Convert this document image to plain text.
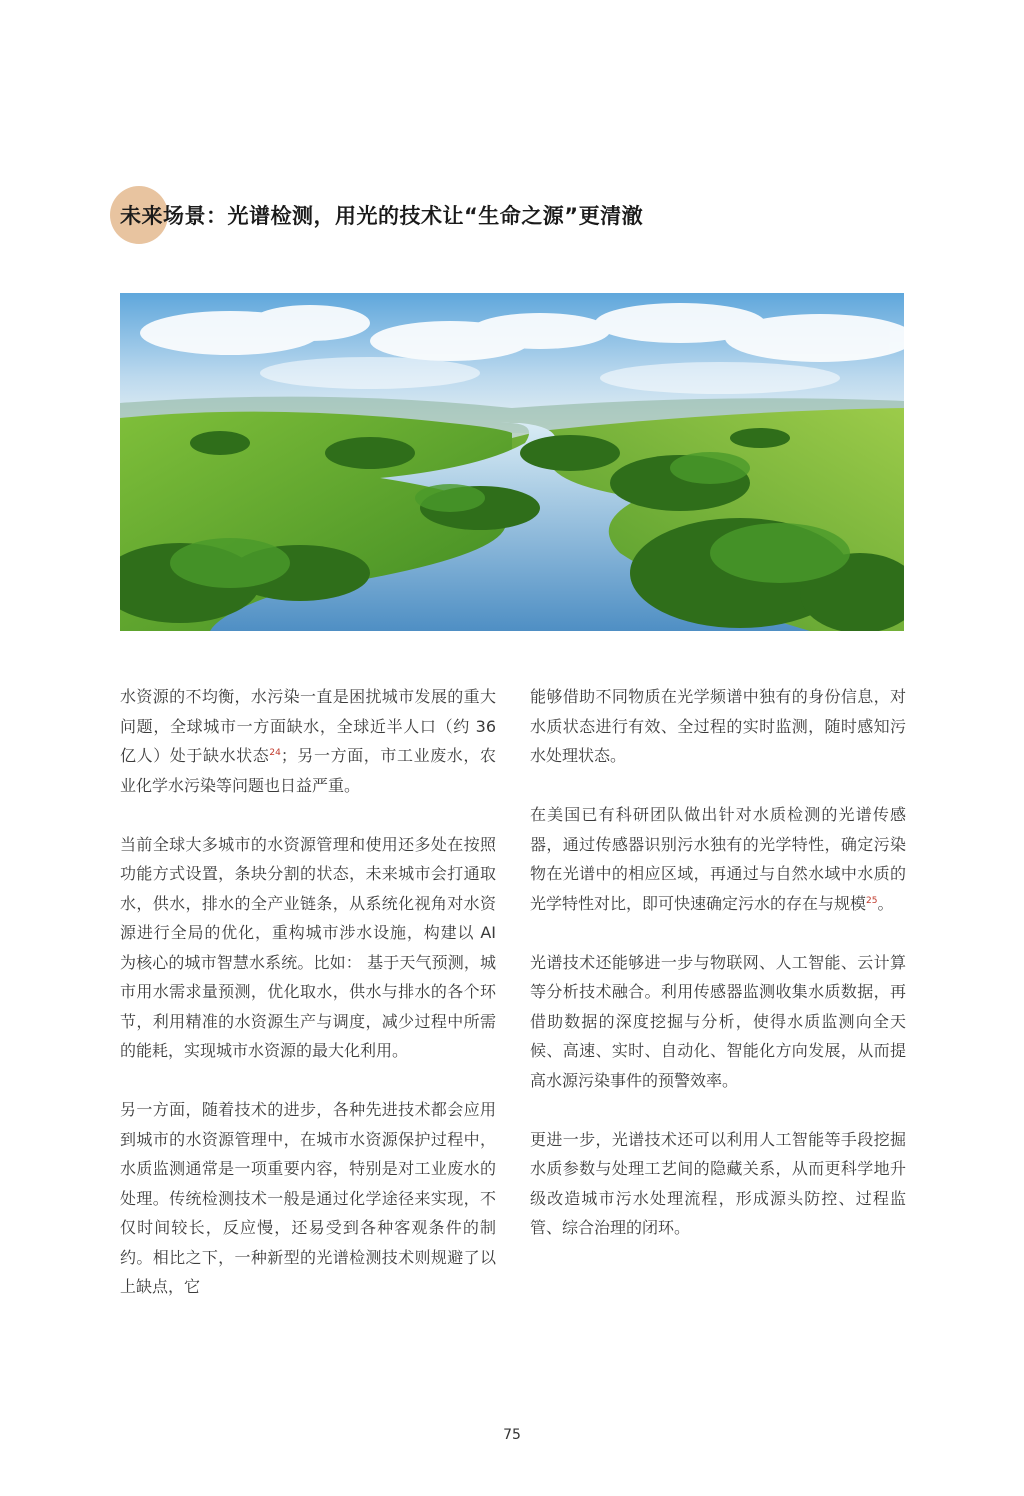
未来场景：光谱检测，用光的技术让“生命之源”更清澈

水资源的不均衡，水污染一直是困扰城市发展的重大问题，全球城市一方面缺水，全球近半人口（约 36 亿人）处于缺水状态$^{24}$；另一方面，市工业废水，农业化学水污染等问题也日益严重。

当前全球大多城市的水资源管理和使用还多处在按照功能方式设置，条块分割的状态，未来城市会打通取水，供水，排水的全产业链条，从系统化视角对水资源进行全局的优化，重构城市涉水设施，构建以 AI 为核心的城市智慧水系统。比如： 基于天气预测，城市用水需求量预测，优化取水，供水与排水的各个环节，利用精准的水资源生产与调度，减少过程中所需的能耗，实现城市水资源的最大化利用。

另一方面，随着技术的进步，各种先进技术都会应用到城市的水资源管理中，在城市水资源保护过程中，水质监测通常是一项重要内容，特别是对工业废水的处理。传统检测技术一般是通过化学途径来实现，不仅时间较长，反应慢，还易受到各种客观条件的制约。相比之下，一种新型的光谱检测技术则规避了以上缺点，它

能够借助不同物质在光学频谱中独有的身份信息，对水质状态进行有效、全过程的实时监测，随时感知污水处理状态。

在美国已有科研团队做出针对水质检测的光谱传感器，通过传感器识别污水独有的光学特性，确定污染物在光谱中的相应区域，再通过与自然水域中水质的光学特性对比，即可快速确定污水的存在与规模$^{25}$。

光谱技术还能够进一步与物联网、人工智能、云计算等分析技术融合。利用传感器监测收集水质数据，再借助数据的深度挖掘与分析，使得水质监测向全天候、高速、实时、自动化、智能化方向发展，从而提高水源污染事件的预警效率。

更进一步，光谱技术还可以利用人工智能等手段挖掘水质参数与处理工艺间的隐藏关系，从而更科学地升级改造城市污水处理流程，形成源头防控、过程监管、综合治理的闭环。

75
